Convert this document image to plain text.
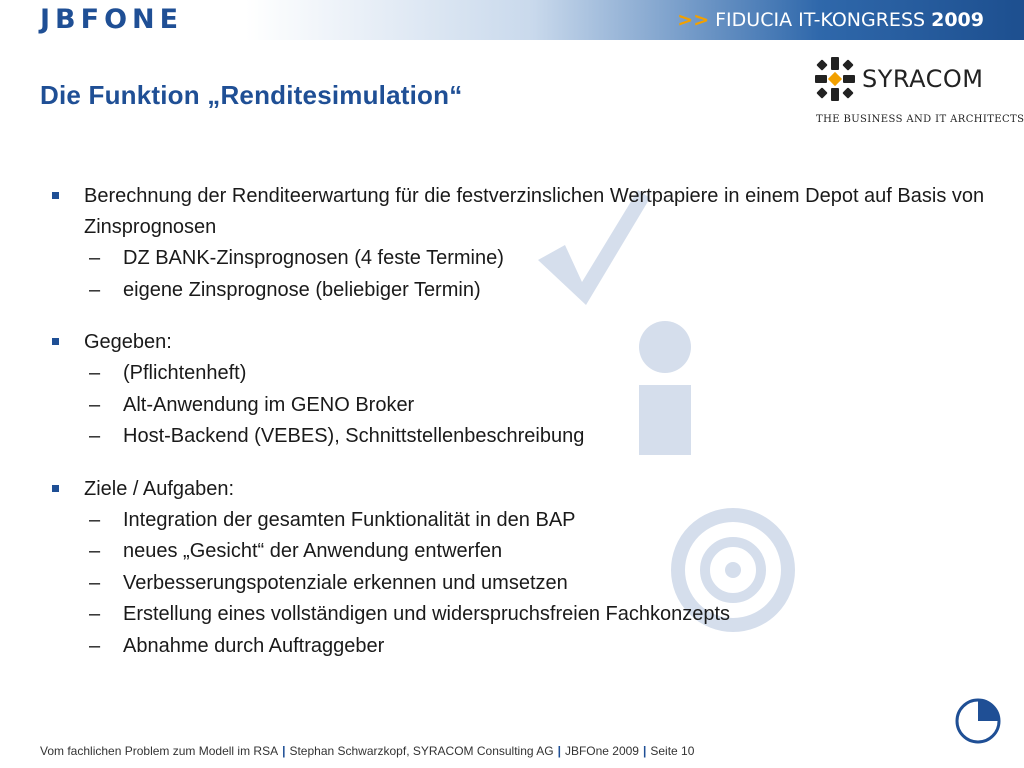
JBFONE	>> FIDUCIA IT-KONGRESS 2009
Die Funktion „Renditesimulation“
SYRACOM
THE BUSINESS AND IT ARCHITECTS
Berechnung der Renditeerwartung für die festverzinslichen Wertpapiere in einem Depot auf Basis von Zinsprognosen
– DZ BANK-Zinsprognosen (4 feste Termine)
– eigene Zinsprognose (beliebiger Termin)
Gegeben:
– (Pflichtenheft)
– Alt-Anwendung im GENO Broker
– Host-Backend (VEBES), Schnittstellenbeschreibung
Ziele / Aufgaben:
– Integration der gesamten Funktionalität in den BAP
– neues „Gesicht“ der Anwendung entwerfen
– Verbesserungspotenziale erkennen und umsetzen
– Erstellung eines vollständigen und widerspruchsfreien Fachkonzepts
– Abnahme durch Auftraggeber
Vom fachlichen Problem zum Modell im RSA | Stephan Schwarzkopf, SYRACOM Consulting AG | JBFOne 2009 | Seite 10
